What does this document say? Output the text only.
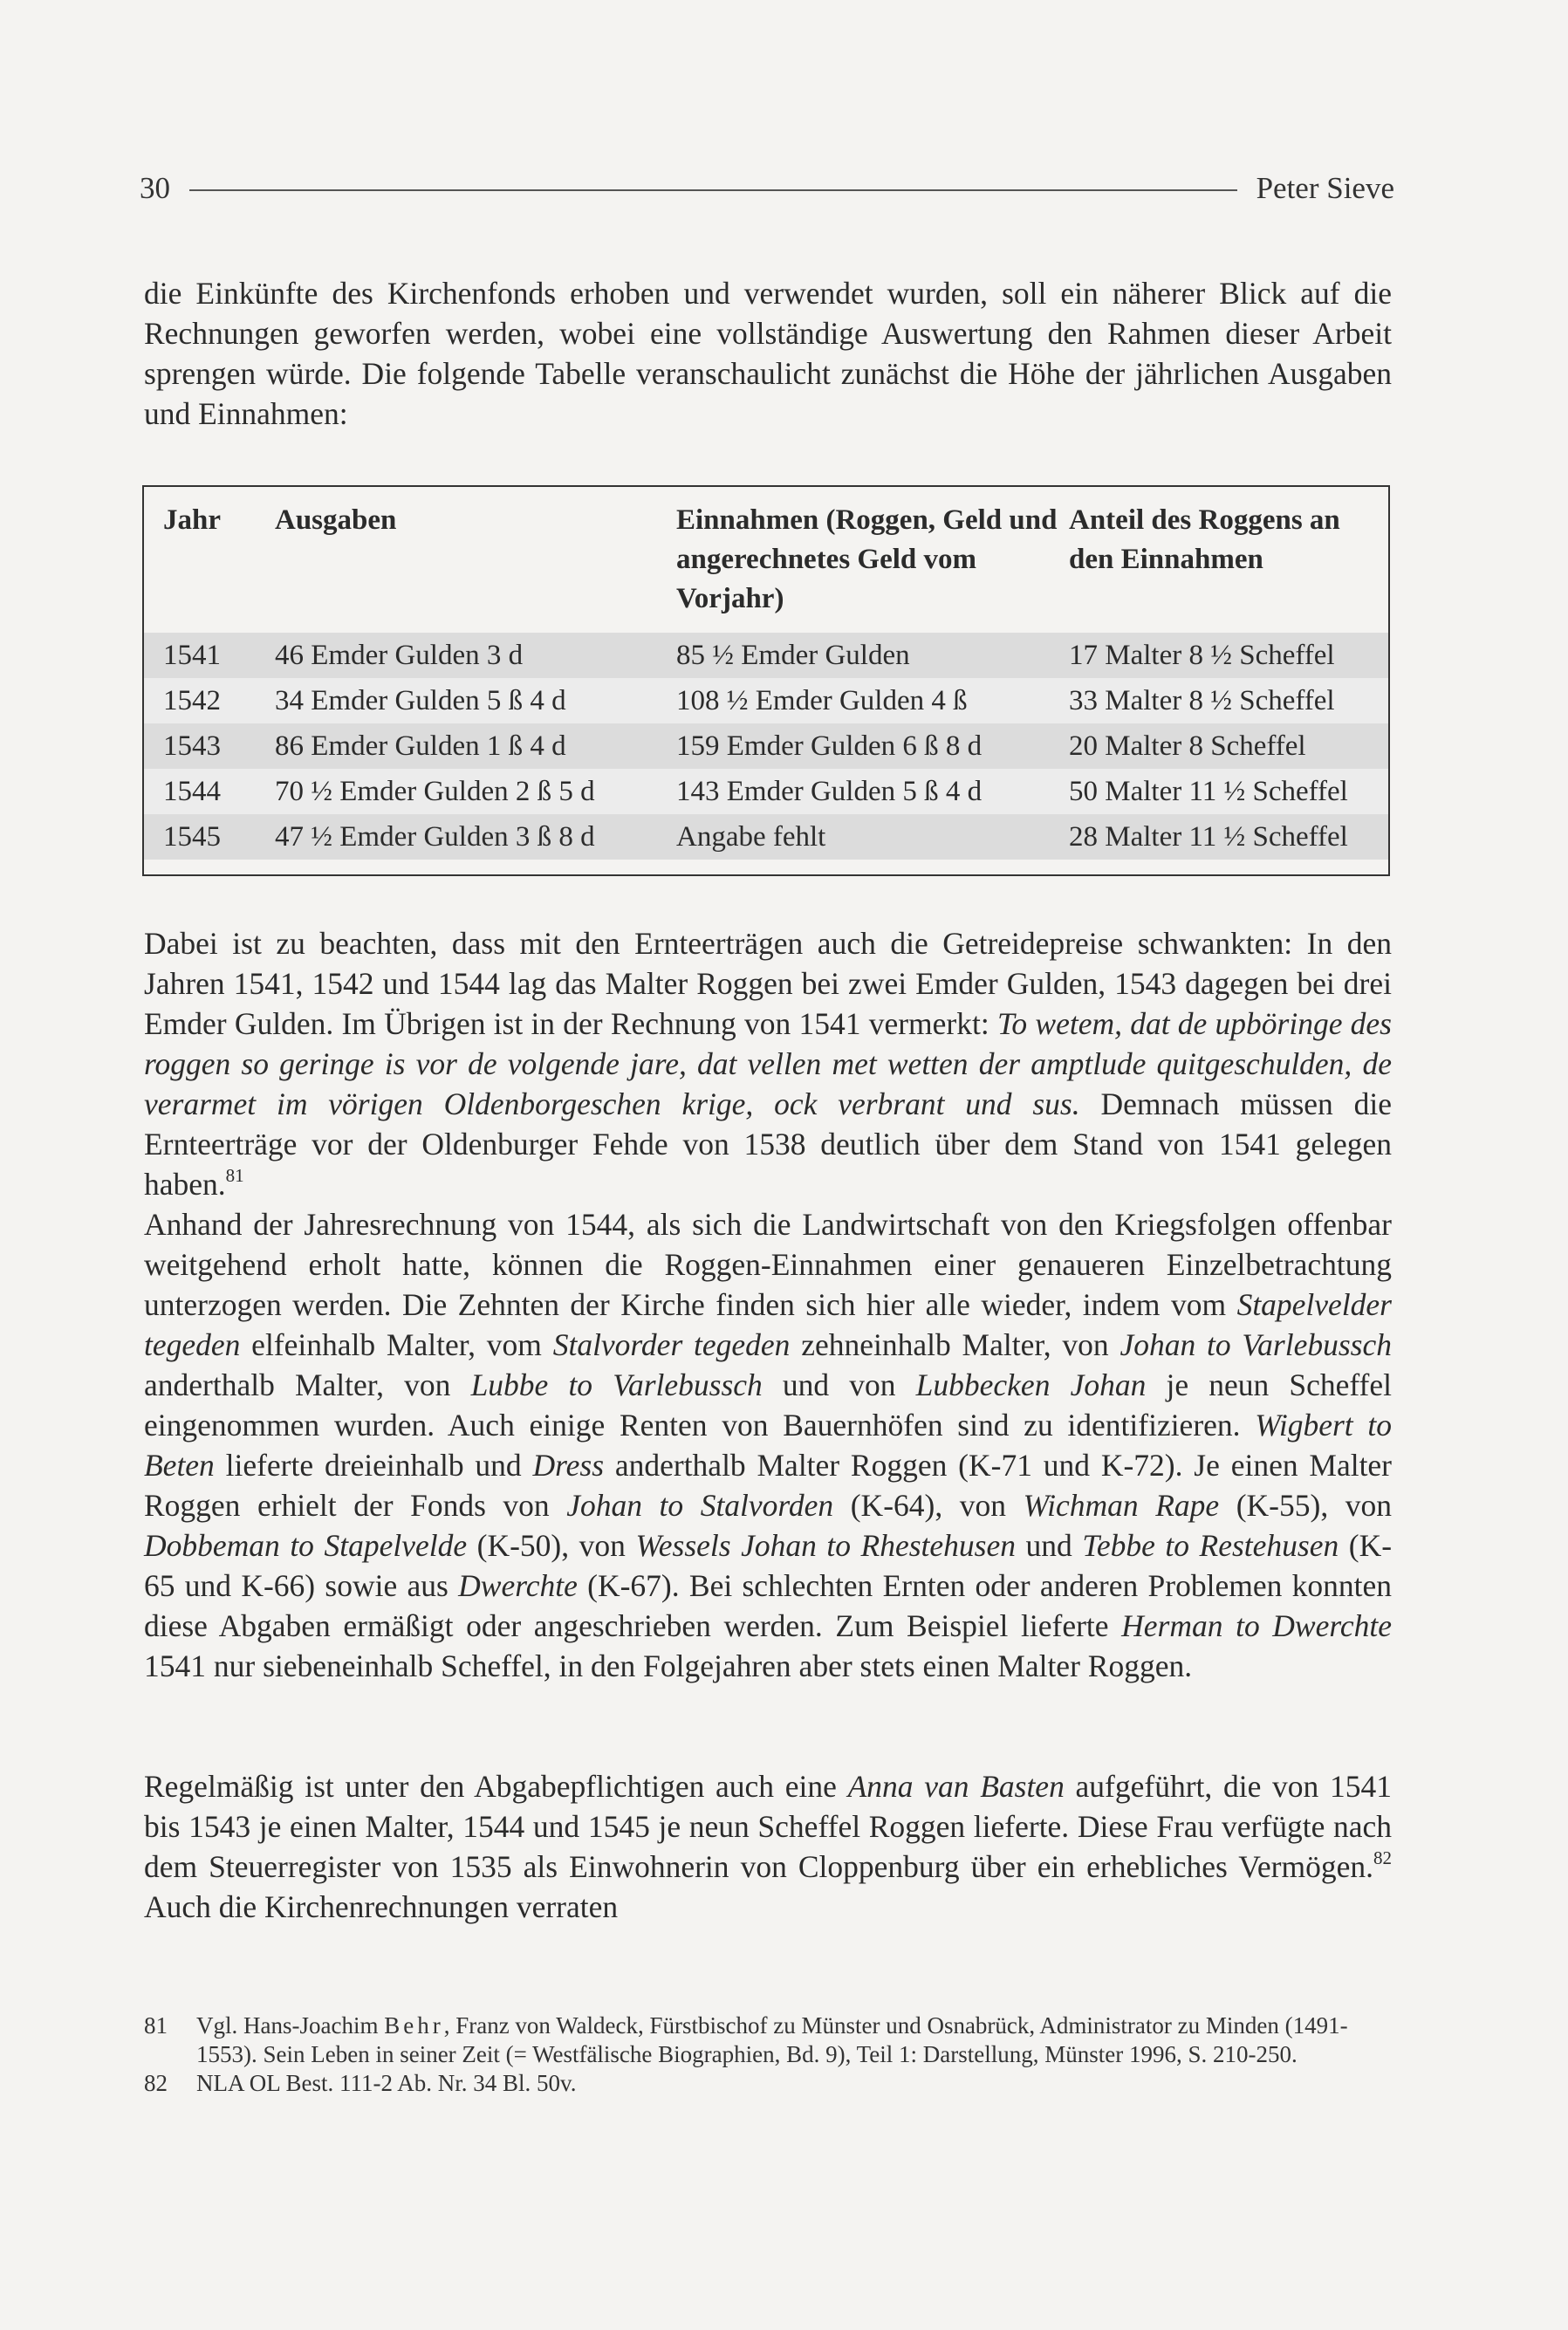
30	Peter Sieve

die Einkünfte des Kirchenfonds erhoben und verwendet wurden, soll ein näherer Blick auf die Rechnungen geworfen werden, wobei eine vollständige Auswertung den Rahmen dieser Arbeit sprengen würde. Die folgende Tabelle veranschaulicht zunächst die Höhe der jährlichen Ausgaben und Einnahmen:

Jahr	Ausgaben	Einnahmen (Roggen, Geld und angerechnetes Geld vom Vorjahr)	Anteil des Roggens an den Einnahmen
1541	46 Emder Gulden 3 d	85 ½ Emder Gulden	17 Malter 8 ½ Scheffel
1542	34 Emder Gulden 5 ß 4 d	108 ½ Emder Gulden 4 ß	33 Malter 8 ½ Scheffel
1543	86 Emder Gulden 1 ß 4 d	159 Emder Gulden 6 ß 8 d	20 Malter 8 Scheffel
1544	70 ½ Emder Gulden 2 ß 5 d	143 Emder Gulden 5 ß 4 d	50 Malter 11 ½ Scheffel
1545	47 ½ Emder Gulden 3 ß 8 d	Angabe fehlt	28 Malter 11 ½ Scheffel

Dabei ist zu beachten, dass mit den Ernteerträgen auch die Getreidepreise schwankten: In den Jahren 1541, 1542 und 1544 lag das Malter Roggen bei zwei Emder Gulden, 1543 dagegen bei drei Emder Gulden. Im Übrigen ist in der Rechnung von 1541 vermerkt: To wetem, dat de upböringe des roggen so geringe is vor de volgende jare, dat vellen met wetten der amptlude quitgeschulden, de verarmet im vörigen Oldenborgeschen krige, ock verbrant und sus. Demnach müssen die Ernteerträge vor der Oldenburger Fehde von 1538 deutlich über dem Stand von 1541 gelegen haben.$^{81}$

Anhand der Jahresrechnung von 1544, als sich die Landwirtschaft von den Kriegsfolgen offenbar weitgehend erholt hatte, können die Roggen-Einnahmen einer genaueren Einzelbetrachtung unterzogen werden. Die Zehnten der Kirche finden sich hier alle wieder, indem vom Stapelvelder tegeden elfeinhalb Malter, vom Stalvorder tegeden zehneinhalb Malter, von Johan to Varlebussch anderthalb Malter, von Lubbe to Varlebussch und von Lubbecken Johan je neun Scheffel eingenommen wurden. Auch einige Renten von Bauernhöfen sind zu identifizieren. Wigbert to Beten lieferte dreieinhalb und Dress anderthalb Malter Roggen (K-71 und K-72). Je einen Malter Roggen erhielt der Fonds von Johan to Stalvorden (K-64), von Wichman Rape (K-55), von Dobbeman to Stapelvelde (K-50), von Wessels Johan to Rhestehusen und Tebbe to Restehusen (K-65 und K-66) sowie aus Dwerchte (K-67). Bei schlechten Ernten oder anderen Problemen konnten diese Abgaben ermäßigt oder angeschrieben werden. Zum Beispiel lieferte Herman to Dwerchte 1541 nur siebeneinhalb Scheffel, in den Folgejahren aber stets einen Malter Roggen.

Regelmäßig ist unter den Abgabepflichtigen auch eine Anna van Basten aufgeführt, die von 1541 bis 1543 je einen Malter, 1544 und 1545 je neun Scheffel Roggen lieferte. Diese Frau verfügte nach dem Steuerregister von 1535 als Einwohnerin von Cloppenburg über ein erhebliches Vermögen.$^{82}$ Auch die Kirchenrechnungen verraten

81	Vgl. Hans-Joachim Behr, Franz von Waldeck, Fürstbischof zu Münster und Osnabrück, Administrator zu Minden (1491-1553). Sein Leben in seiner Zeit (= Westfälische Biographien, Bd. 9), Teil 1: Darstellung, Münster 1996, S. 210-250.

82	NLA OL Best. 111-2 Ab. Nr. 34 Bl. 50v.
